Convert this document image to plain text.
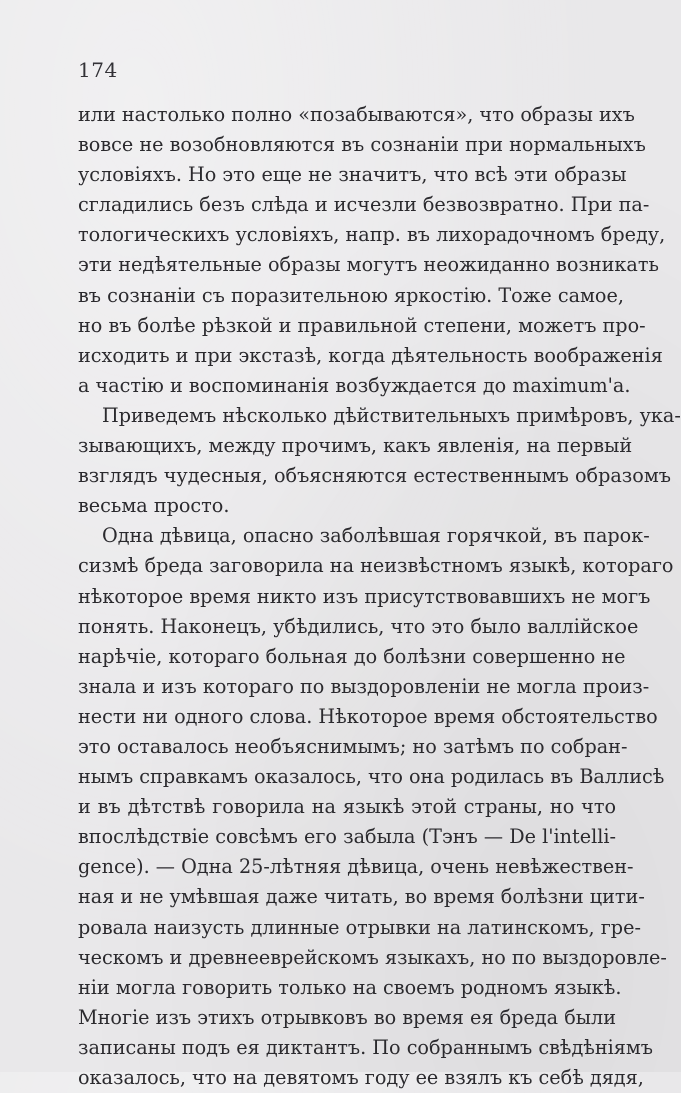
174
или настолько полно «позабываются», что образы ихъ
вовсе не возобновляются въ сознаніи при нормальныхъ
условіяхъ. Но это еще не значитъ, что всѣ эти образы
сгладились безъ слѣда и исчезли безвозвратно. При па-
тологическихъ условіяхъ, напр. въ лихорадочномъ бреду,
эти недѣятельные образы могутъ неожиданно возникать
въ сознаніи съ поразительною яркостію. Тоже самое,
но въ болѣе рѣзкой и правильной степени, можетъ про-
исходить и при экстазѣ, когда дѣятельность воображенія
а частію и воспоминанія возбуждается до maximum'а.
Приведемъ нѣсколько дѣйствительныхъ примѣровъ, ука-
зывающихъ, между прочимъ, какъ явленія, на первый
взглядъ чудесныя, объясняются естественнымъ образомъ
весьма просто.
Одна дѣвица, опасно заболѣвшая горячкой, въ парок-
сизмѣ бреда заговорила на неизвѣстномъ языкѣ, котораго
нѣкоторое время никто изъ присутствовавшихъ не могъ
понять. Наконецъ, убѣдились, что это было валлійское
нарѣчіе, котораго больная до болѣзни совершенно не
знала и изъ котораго по выздоровленіи не могла произ-
нести ни одного слова. Нѣкоторое время обстоятельство
это оставалось необъяснимымъ; но затѣмъ по собран-
нымъ справкамъ оказалось, что она родилась въ Валлисѣ
и въ дѣтствѣ говорила на языкѣ этой страны, но что
впослѣдствіе совсѣмъ его забыла (Тэнъ — De l'intelli-
gence). — Одна 25-лѣтняя дѣвица, очень невѣжествен-
ная и не умѣвшая даже читать, во время болѣзни цити-
ровала наизусть длинные отрывки на латинскомъ, гре-
ческомъ и древнееврейскомъ языкахъ, но по выздоровле-
ніи могла говорить только на своемъ родномъ языкѣ.
Многіе изъ этихъ отрывковъ во время ея бреда были
записаны подъ ея диктантъ. По собраннымъ свѣдѣніямъ
оказалось, что на девятомъ году ее взялъ къ себѣ дядя,
